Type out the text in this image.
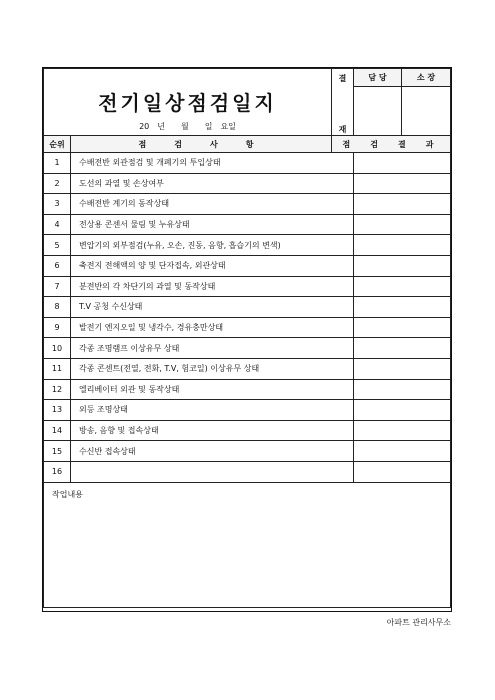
전기일상점검일지		결
재	담 당	소 장

20　년　　월　　일　요일				
순위	점　검　사　항	점　검　결　과		
1	수배전반 외관점검 및 개폐기의 투입상태			
2	도선의 과열 및 손상여부			
3	수배전반 계기의 동작상태			
4	전상용 콘센서 물림 및 누유상태			
5	변압기의 외부점검(누유, 오손, 진동, 음향, 흡습기의 변색)			
6	축전지 전해액의 양 및 단자접속, 외관상태			
7	분전반의 각 차단기의 과열 및 동작상태			
8	T.V 공청 수신상태			
9	발전기 엔지오일 및 냉각수, 경유충만상태			
10	각종 조명램프 이상유무 상태			
11	각종 콘센트(전열, 전화, T.V, 험코일) 이상유무 상태			
12	엘리베이터 외관 및 동작상태			
13	외등 조명상태			
14	방송, 음향 및 접속상태			
15	수신반 접속상태			
16				
작업내용				
아파트 관리사무소
